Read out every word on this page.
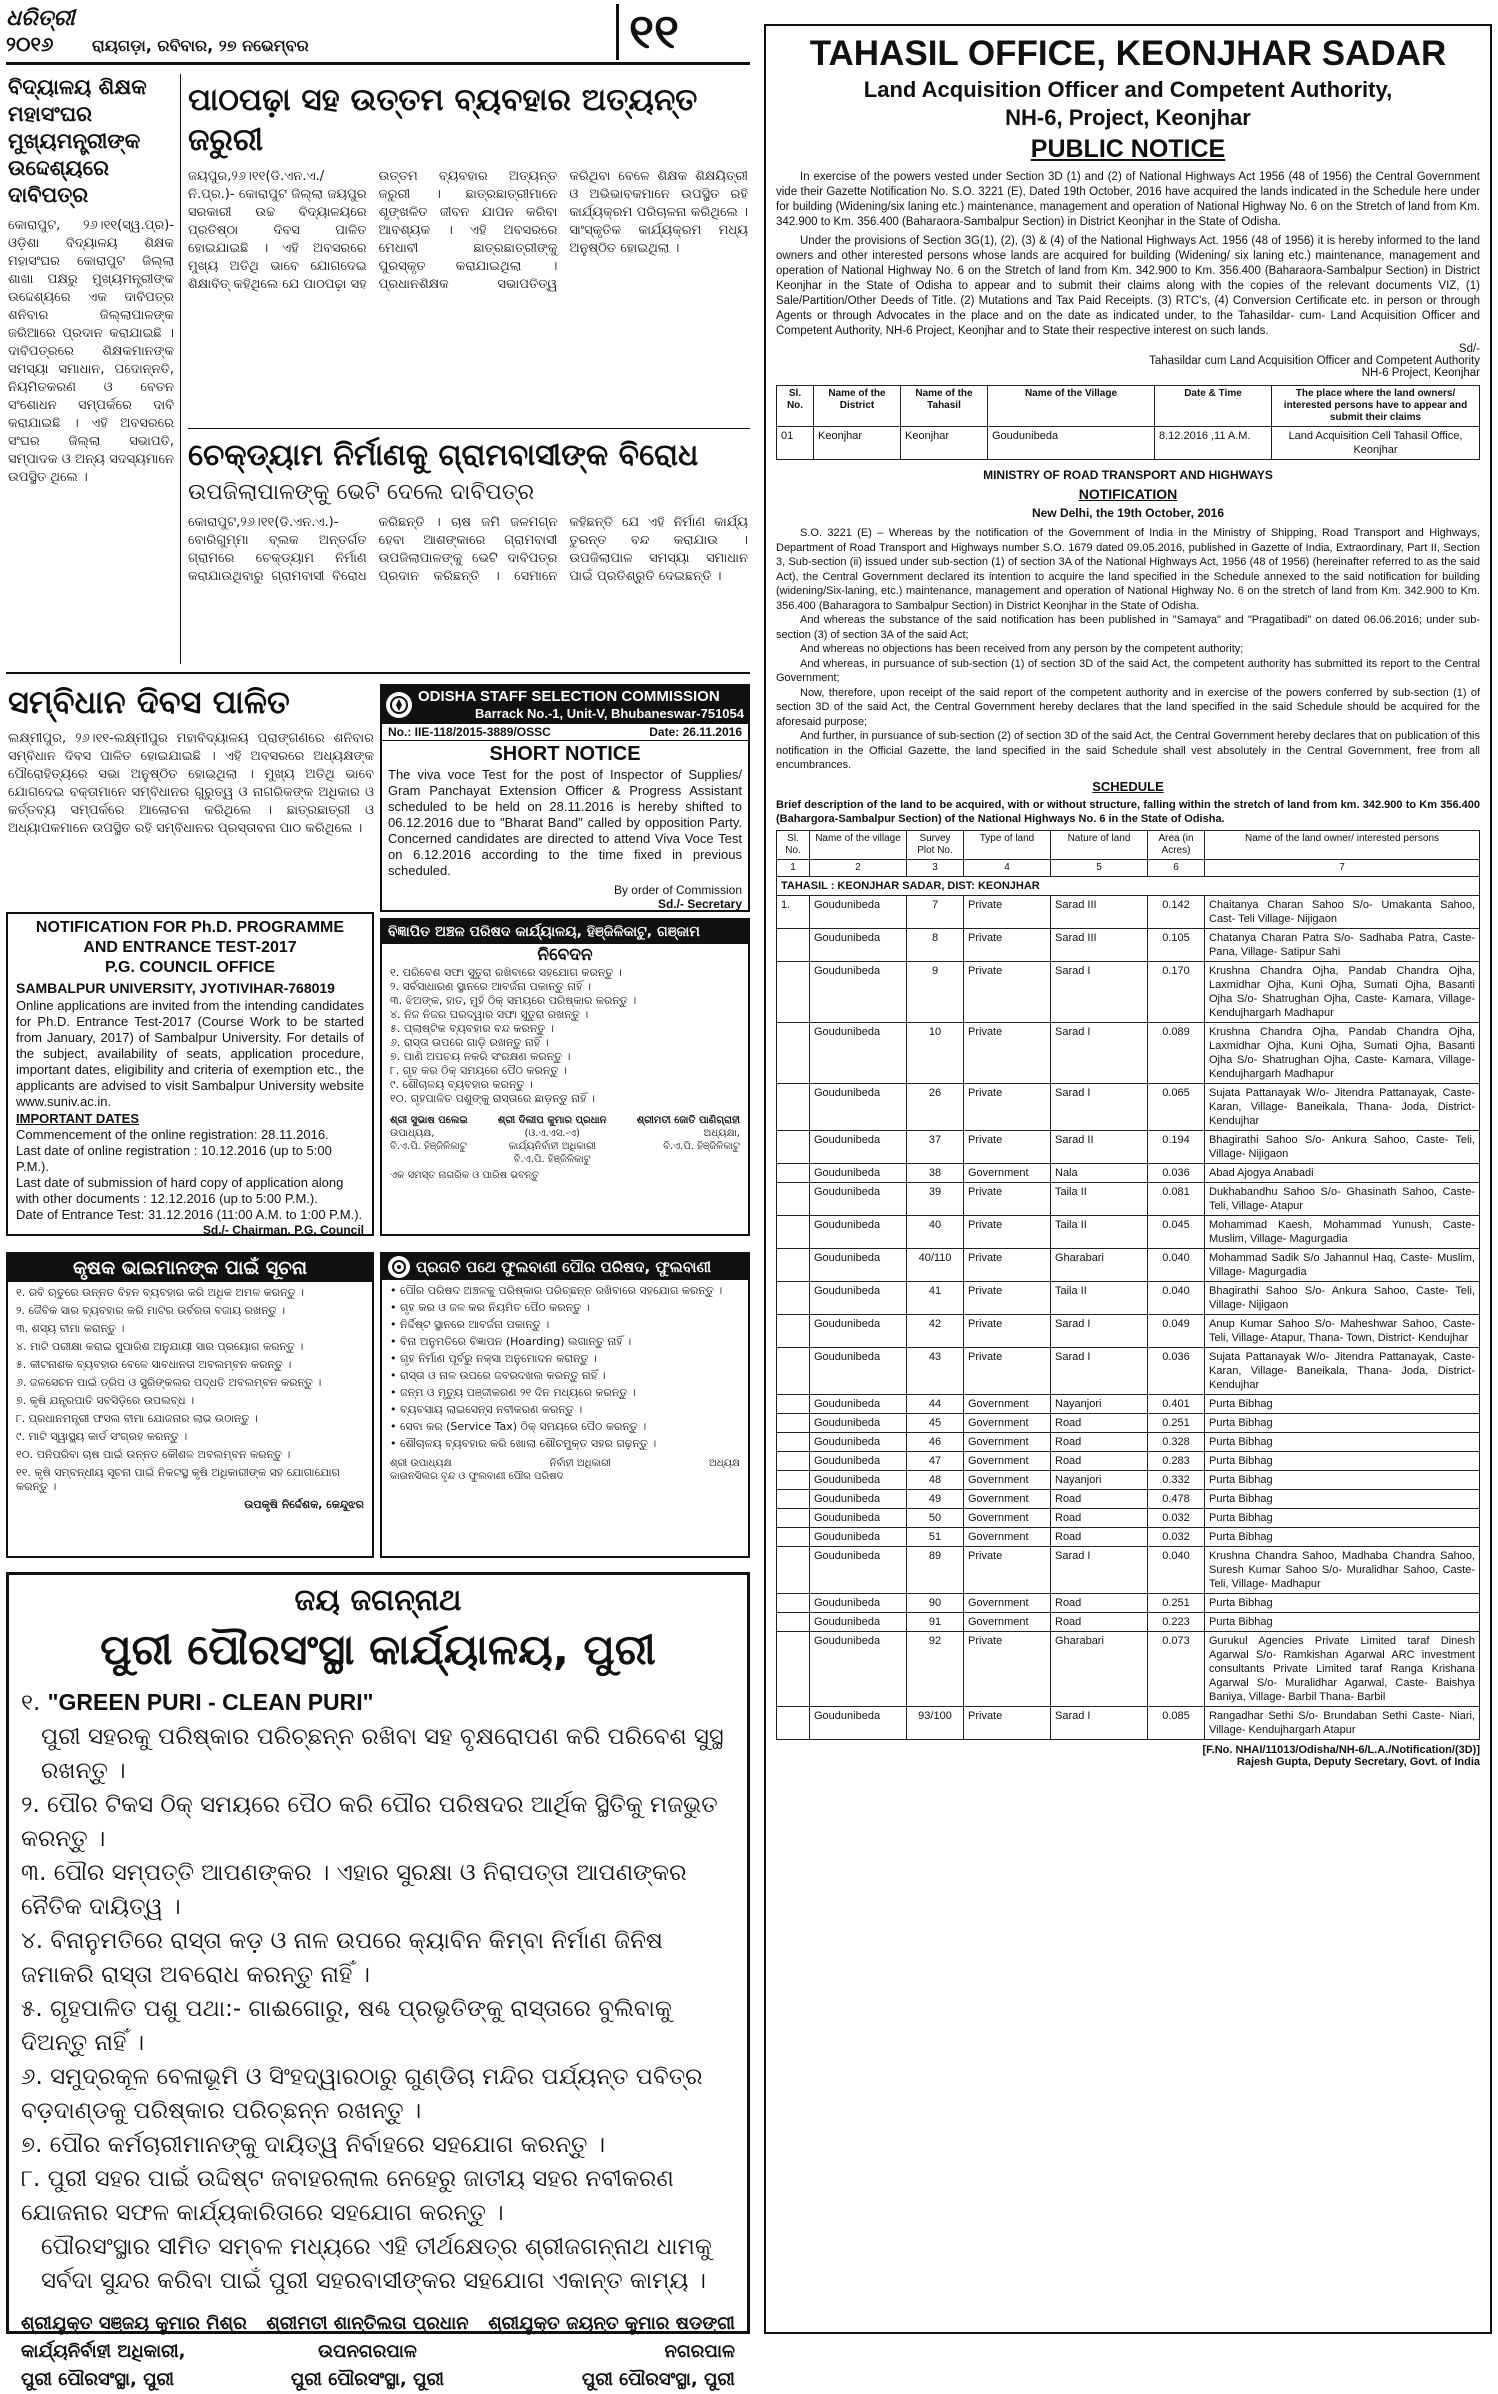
ଧରିତ୍ରୀ
୨୦୧୬	ରାୟଗଡ଼ା, ରବିବାର, ୨୭ ନଭେମ୍ବର	୧୧
ବିଦ୍ୟାଳୟ ଶିକ୍ଷକ ମହାସଂଘର ମୁଖ୍ୟମନ୍ତ୍ରୀଙ୍କ ଉଦ୍ଦେଶ୍ୟରେ ଦାବିପତ୍ର
କୋରାପୁଟ, ୨୬।୧୧(ସ୍ୱ.ପ୍ର)- ଓଡ଼ିଶା ବିଦ୍ୟାଳୟ ଶିକ୍ଷକ ମହାସଂଘର କୋରାପୁଟ ଜିଲ୍ଲା ଶାଖା ପକ୍ଷରୁ ମୁଖ୍ୟମନ୍ତ୍ରୀଙ୍କ ଉଦ୍ଦେଶ୍ୟରେ ଏକ ଦାବିପତ୍ର ଶନିବାର ଜିଲ୍ଲାପାଳଙ୍କ ଜରିଆରେ ପ୍ରଦାନ କରାଯାଇଛି । ଦାବିପତ୍ରରେ ଶିକ୍ଷକମାନଙ୍କ ସମସ୍ୟା ସମାଧାନ, ପଦୋନ୍ନତି, ନିୟମିତକରଣ ଓ ବେତନ ସଂଶୋଧନ ସମ୍ପର୍କରେ ଦାବି କରାଯାଇଛି । ଏହି ଅବସରରେ ସଂଘର ଜିଲ୍ଲା ସଭାପତି, ସମ୍ପାଦକ ଓ ଅନ୍ୟ ସଦସ୍ୟମାନେ ଉପସ୍ଥିତ ଥିଲେ ।
ପାଠପଢ଼ା ସହ ଉତ୍ତମ ବ୍ୟବହାର ଅତ୍ୟନ୍ତ ଜରୁରୀ
ଜୟପୁର,୨୬।୧୧(ଡି.ଏନ.ଏ./ନି.ପ୍ର.)- କୋରାପୁଟ ଜିଲ୍ଲା ଜୟପୁର ସରକାରୀ ଉଚ୍ଚ ବିଦ୍ୟାଳୟରେ ପ୍ରତିଷ୍ଠା ଦିବସ ପାଳିତ ହୋଇଯାଇଛି । ଏହି ଅବସରରେ ମୁଖ୍ୟ ଅତିଥି ଭାବେ ଯୋଗଦେଇ ଶିକ୍ଷାବିତ୍ କହିଥିଲେ ଯେ ପାଠପଢ଼ା ସହ ଉତ୍ତମ ବ୍ୟବହାର ଅତ୍ୟନ୍ତ ଜରୁରୀ । ଛାତ୍ରଛାତ୍ରୀମାନେ ଶୃଙ୍ଖଳିତ ଜୀବନ ଯାପନ କରିବା ଆବଶ୍ୟକ । ଏହି ଅବସରରେ ମେଧାବୀ ଛାତ୍ରଛାତ୍ରୀଙ୍କୁ ପୁରସ୍କୃତ କରାଯାଇଥିଲା । ପ୍ରଧାନଶିକ୍ଷକ ସଭାପତିତ୍ୱ କରିଥିବା ବେଳେ ଶିକ୍ଷକ ଶିକ୍ଷୟିତ୍ରୀ ଓ ଅଭିଭାବକମାନେ ଉପସ୍ଥିତ ରହି କାର୍ଯ୍ୟକ୍ରମ ପରିଚାଳନା କରିଥିଲେ । ସାଂସ୍କୃତିକ କାର୍ଯ୍ୟକ୍ରମ ମଧ୍ୟ ଅନୁଷ୍ଠିତ ହୋଇଥିଲା ।
ଚେକ୍‌ଡ୍ୟାମ ନିର୍ମାଣକୁ ଗ୍ରାମବାସୀଙ୍କ ବିରୋଧ
ଉପଜିଲାପାଳଙ୍କୁ ଭେଟି ଦେଲେ ଦାବିପତ୍ର
କୋରାପୁଟ,୨୬।୧୧(ଡି.ଏନ.ଏ.)- ବୋରିଗୁମ୍ମା ବ୍ଲକ ଅନ୍ତର୍ଗତ ଗ୍ରାମରେ ଚେକ୍‌ଡ୍ୟାମ ନିର୍ମାଣ କରାଯାଉଥିବାରୁ ଗ୍ରାମବାସୀ ବିରୋଧ କରିଛନ୍ତି । ଚାଷ ଜମି ଜଳମଗ୍ନ ହେବା ଆଶଙ୍କାରେ ଗ୍ରାମବାସୀ ଉପଜିଲାପାଳଙ୍କୁ ଭେଟି ଦାବିପତ୍ର ପ୍ରଦାନ କରିଛନ୍ତି । ସେମାନେ କହିଛନ୍ତି ଯେ ଏହି ନିର୍ମାଣ କାର୍ଯ୍ୟ ତୁରନ୍ତ ବନ୍ଦ କରାଯାଉ । ଉପଜିଲାପାଳ ସମସ୍ୟା ସମାଧାନ ପାଇଁ ପ୍ରତିଶ୍ରୁତି ଦେଇଛନ୍ତି ।
ସମ୍ବିଧାନ ଦିବସ ପାଳିତ
ଲକ୍ଷ୍ମୀପୁର, ୨୬।୧୧-ଲକ୍ଷ୍ମୀପୁର ମହାବିଦ୍ୟାଳୟ ପ୍ରାଙ୍ଗଣରେ ଶନିବାର ସମ୍ବିଧାନ ଦିବସ ପାଳିତ ହୋଇଯାଇଛି । ଏହି ଅବସରରେ ଅଧ୍ୟକ୍ଷଙ୍କ ପୌରୋହିତ୍ୟରେ ସଭା ଅନୁଷ୍ଠିତ ହୋଇଥିଲା । ମୁଖ୍ୟ ଅତିଥି ଭାବେ ଯୋଗଦେଇ ବକ୍ତାମାନେ ସମ୍ବିଧାନର ଗୁରୁତ୍ୱ ଓ ନାଗରିକଙ୍କ ଅଧିକାର ଓ କର୍ତ୍ତବ୍ୟ ସମ୍ପର୍କରେ ଆଲୋଚନା କରିଥିଲେ । ଛାତ୍ରଛାତ୍ରୀ ଓ ଅଧ୍ୟାପକମାନେ ଉପସ୍ଥିତ ରହି ସମ୍ବିଧାନର ପ୍ରସ୍ତାବନା ପାଠ କରିଥିଲେ ।
ODISHA STAFF SELECTION COMMISSION
Barrack No.-1, Unit-V, Bhubaneswar-751054
No.: IIE-118/2015-3889/OSSC	Date: 26.11.2016
SHORT NOTICE
The viva voce Test for the post of Inspector of Supplies/ Gram Panchayat Extension Officer & Progress Assistant scheduled to be held on 28.11.2016 is hereby shifted to 06.12.2016 due to "Bharat Band" called by opposition Party. Concerned candidates are directed to attend Viva Voce Test on 6.12.2016 according to the time fixed in previous scheduled.
By order of Commission
Sd./- Secretary
NOTIFICATION FOR Ph.D. PROGRAMME
AND ENTRANCE TEST-2017
P.G. COUNCIL OFFICE
SAMBALPUR UNIVERSITY, JYOTIVIHAR-768019
Online applications are invited from the intending candidates for Ph.D. Entrance Test-2017 (Course Work to be started from January, 2017) of Sambalpur University. For details of the subject, availability of seats, application procedure, important dates, eligibility and criteria of exemption etc., the applicants are advised to visit Sambalpur University website www.suniv.ac.in.
IMPORTANT DATES
Commencement of the online registration: 28.11.2016.
Last date of online registration : 10.12.2016 (up to 5:00 P.M.).
Last date of submission of hard copy of application along with other documents : 12.12.2016 (up to 5:00 P.M.).
Date of Entrance Test: 31.12.2016 (11:00 A.M. to 1:00 P.M.).
Sd./- Chairman, P.G. Council
ବିଜ୍ଞାପିତ ଅଞ୍ଚଳ ପରିଷଦ କାର୍ଯ୍ୟାଳୟ, ହିଞ୍ଜିଳିକାଟୁ, ଗଞ୍ଜାମ
ନିବେଦନ
୧. ପରିବେଶ ସଫା ସୁତୁରା ରଖିବାରେ ସହଯୋଗ କରନ୍ତୁ ।
୨. ସର୍ବସାଧାରଣ ସ୍ଥାନରେ ଆବର୍ଜନା ପକାନ୍ତୁ ନାହିଁ ।
୩. ଝିଅଙ୍କ, ହାତ, ମୁହଁ ଠିକ୍ ସମୟରେ ପରିଷ୍କାର କରନ୍ତୁ ।
୪. ନିଜ ନିଜର ଘରଦ୍ୱାର ସଫା ସୁତୁରା ରଖନ୍ତୁ ।
୫. ପ୍ଲାଷ୍ଟିକ ବ୍ୟବହାର ବନ୍ଦ କରନ୍ତୁ ।
୬. ରାସ୍ତା ଉପରେ ଗାଡ଼ି ରଖନ୍ତୁ ନାହିଁ ।
୭. ପାଣି ଅପଚୟ ନକରି ସଂରକ୍ଷଣ କରନ୍ତୁ ।
୮. ଗୃହ କର ଠିକ୍ ସମୟରେ ପୈଠ କରନ୍ତୁ ।
୯. ଶୌଚାଳୟ ବ୍ୟବହାର କରନ୍ତୁ ।
୧୦. ଗୃହପାଳିତ ପଶୁଙ୍କୁ ରାସ୍ତାରେ ଛାଡ଼ନ୍ତୁ ନାହିଁ ।
ଶ୍ରୀ ସୁଭାଷ ପଲେଇ
ଉପାଧ୍ୟକ୍ଷ,
ବି.ଏ.ପି. ହିଞ୍ଜିଳିକାଟୁ
ଶ୍ରୀ ଦିଲୀପ କୁମାର ପ୍ରଧାନ
(ଓ.ଏ.ଏସ.-ଏ)
କାର୍ଯ୍ୟନିର୍ବାହୀ ଅଧିକାରୀ
ବି.ଏ.ପି. ହିଞ୍ଜିଳିକାଟୁ
ଶ୍ରୀମତୀ ଜୋତି ପାଣିଗ୍ରାହୀ
ଅଧ୍ୟକ୍ଷା,
ବି.ଏ.ପି. ହିଞ୍ଜିଳିକାଟୁ
ଏକ ସମସ୍ତ ନାଗରିକ ଓ ପାରିଷ ଭବନ୍ତୁ
କୃଷକ ଭାଇମାନଙ୍କ ପାଇଁ ସୂଚନା
୧. ରବି ଋତୁରେ ଉନ୍ନତ ବିହନ ବ୍ୟବହାର କରି ଅଧିକ ଅମଳ କରନ୍ତୁ ।
୨. ଜୈବିକ ସାର ବ୍ୟବହାର କରି ମାଟିର ଉର୍ବରତା ବଜାୟ ରଖନ୍ତୁ ।
୩. ଶସ୍ୟ ବୀମା କରାନ୍ତୁ ।
୪. ମାଟି ପରୀକ୍ଷା କରାଇ ସୁପାରିଶ ଅନୁଯାୟୀ ସାର ପ୍ରୟୋଗ କରନ୍ତୁ ।
୫. କୀଟନାଶକ ବ୍ୟବହାର ବେଳେ ସାବଧାନତା ଅବଲମ୍ବନ କରନ୍ତୁ ।
୬. ଜଳସେଚନ ପାଇଁ ଡ୍ରିପ ଓ ସ୍ପ୍ରିଙ୍କଲର ପଦ୍ଧତି ଅବଲମ୍ବନ କରନ୍ତୁ ।
୭. କୃଷି ଯନ୍ତ୍ରପାତି ସବସିଡ଼ିରେ ଉପଲବ୍ଧ ।
୮. ପ୍ରଧାନମନ୍ତ୍ରୀ ଫସଲ ବୀମା ଯୋଜନାର ଲାଭ ଉଠାନ୍ତୁ ।
୯. ମାଟି ସ୍ୱାସ୍ଥ୍ୟ କାର୍ଡ ସଂଗ୍ରହ କରନ୍ତୁ ।
୧୦. ପନିପରିବା ଚାଷ ପାଇଁ ଉନ୍ନତ କୌଶଳ ଅବଲମ୍ବନ କରନ୍ତୁ ।
୧୧. କୃଷି ସମ୍ବନ୍ଧୀୟ ସୂଚନା ପାଇଁ ନିକଟସ୍ଥ କୃଷି ଅଧିକାରୀଙ୍କ ସହ ଯୋଗାଯୋଗ କରନ୍ତୁ ।
ଉପକୃଷି ନିର୍ଦ୍ଦେଶକ, କେନ୍ଦୁଝର
ପ୍ରଗତି ପଥେ ଫୁଲବାଣୀ ପୌର ପରିଷଦ, ଫୁଲବାଣୀ
• ପୌର ପରିଷଦ ଅଞ୍ଚଳକୁ ପରିଷ୍କାର ପରିଚ୍ଛନ୍ନ ରଖିବାରେ ସହଯୋଗ କରନ୍ତୁ ।
• ଗୃହ କର ଓ ଜଳ କର ନିୟମିତ ପୈଠ କରନ୍ତୁ ।
• ନିର୍ଦ୍ଦିଷ୍ଟ ସ୍ଥାନରେ ଆବର୍ଜନା ପକାନ୍ତୁ ।
• ବିନା ଅନୁମତିରେ ବିଜ୍ଞାପନ (Hoarding) ଲଗାନ୍ତୁ ନାହିଁ ।
• ଗୃହ ନିର୍ମାଣ ପୂର୍ବରୁ ନକ୍ସା ଅନୁମୋଦନ କରାନ୍ତୁ ।
• ରାସ୍ତା ଓ ନାଳ ଉପରେ ଜବରଦଖଲ କରନ୍ତୁ ନାହିଁ ।
• ଜନ୍ମ ଓ ମୃତ୍ୟୁ ପଞ୍ଜୀକରଣ ୨୧ ଦିନ ମଧ୍ୟରେ କରନ୍ତୁ ।
• ବ୍ୟବସାୟ ଲାଇସେନ୍ସ ନବୀକରଣ କରନ୍ତୁ ।
• ସେବା କର (Service Tax) ଠିକ୍ ସମୟରେ ପୈଠ କରନ୍ତୁ ।
• ଶୌଚାଳୟ ବ୍ୟବହାର କରି ଖୋଲା ଶୌଚମୁକ୍ତ ସହର ଗଢ଼ନ୍ତୁ ।
ଶ୍ରୀ ଉପାଧ୍ୟକ୍ଷ	ନିର୍ବାହୀ ଅଧିକାରୀ	ଅଧ୍ୟକ୍ଷ
କାଉନସିଲର ବୃନ୍ଦ ଓ ଫୁଲବାଣୀ ପୌର ପରିଷଦ
ଜୟ ଜଗନ୍ନାଥ
ପୁରୀ ପୌରସଂସ୍ଥା କାର୍ଯ୍ୟାଳୟ, ପୁରୀ
୧. "GREEN PURI - CLEAN PURI"
ପୁରୀ ସହରକୁ ପରିଷ୍କାର ପରିଚ୍ଛନ୍ନ ରଖିବା ସହ ବୃକ୍ଷରୋପଣ କରି ପରିବେଶ ସୁସ୍ଥ ରଖନ୍ତୁ ।
୨. ପୌର ଟିକସ ଠିକ୍ ସମୟରେ ପୈଠ କରି ପୌର ପରିଷଦର ଆର୍ଥିକ ସ୍ଥିତିକୁ ମଜଭୁତ କରନ୍ତୁ ।
୩. ପୌର ସମ୍ପତ୍ତି ଆପଣଙ୍କର । ଏହାର ସୁରକ୍ଷା ଓ ନିରାପତ୍ତା ଆପଣଙ୍କର ନୈତିକ ଦାୟିତ୍ୱ ।
୪. ବିନାନୁମତିରେ ରାସ୍ତା କଡ଼ ଓ ନାଳ ଉପରେ କ୍ୟାବିନ କିମ୍ବା ନିର୍ମାଣ ଜିନିଷ ଜମାକରି ରାସ୍ତା ଅବରୋଧ କରନ୍ତୁ ନାହିଁ ।
୫. ଗୃହପାଳିତ ପଶୁ ପଥା:- ଗାଈଗୋରୁ, ଷଣ୍ଢ ପ୍ରଭୃତିଙ୍କୁ ରାସ୍ତାରେ ବୁଲିବାକୁ ଦିଅନ୍ତୁ ନାହିଁ ।
୬. ସମୁଦ୍ରକୂଳ ବେଳାଭୂମି ଓ ସିଂହଦ୍ୱାରଠାରୁ ଗୁଣ୍ଡିଚା ମନ୍ଦିର ପର୍ଯ୍ୟନ୍ତ ପବିତ୍ର ବଡ଼ଦାଣ୍ଡକୁ ପରିଷ୍କାର ପରିଚ୍ଛନ୍ନ ରଖନ୍ତୁ ।
୭. ପୌର କର୍ମଚାରୀମାନଙ୍କୁ ଦାୟିତ୍ୱ ନିର୍ବାହରେ ସହଯୋଗ କରନ୍ତୁ ।
୮. ପୁରୀ ସହର ପାଇଁ ଉଦ୍ଦିଷ୍ଟ ଜବାହରଲାଲ ନେହେରୁ ଜାତୀୟ ସହର ନବୀକରଣ ଯୋଜନାର ସଫଳ କାର୍ଯ୍ୟକାରିତାରେ ସହଯୋଗ କରନ୍ତୁ ।
ପୌରସଂସ୍ଥାର ସୀମିତ ସମ୍ବଳ ମଧ୍ୟରେ ଏହି ତୀର୍ଥକ୍ଷେତ୍ର ଶ୍ରୀଜଗନ୍ନାଥ ଧାମକୁ ସର୍ବଦା ସୁନ୍ଦର କରିବା ପାଇଁ ପୁରୀ ସହରବାସୀଙ୍କର ସହଯୋଗ ଏକାନ୍ତ କାମ୍ୟ ।
ଶ୍ରୀଯୁକ୍ତ ସଞ୍ଜୟ କୁମାର ମିଶ୍ର
କାର୍ଯ୍ୟନିର୍ବାହୀ ଅଧିକାରୀ,
ପୁରୀ ପୌରସଂସ୍ଥା, ପୁରୀ
ଶ୍ରୀମତୀ ଶାନ୍ତିଲତା ପ୍ରଧାନ
ଉପନଗରପାଳ
ପୁରୀ ପୌରସଂସ୍ଥା, ପୁରୀ
ଶ୍ରୀଯୁକ୍ତ ଜୟନ୍ତ କୁମାର ଷଡ଼ଙ୍ଗୀ
ନଗରପାଳ
ପୁରୀ ପୌରସଂସ୍ଥା, ପୁରୀ
TAHASIL OFFICE, KEONJHAR SADAR
Land Acquisition Officer and Competent Authority,
NH-6, Project, Keonjhar
PUBLIC NOTICE
In exercise of the powers vested under Section 3D (1) and (2) of National Highways Act 1956 (48 of 1956) the Central Government vide their Gazette Notification No. S.O. 3221 (E), Dated 19th October, 2016 have acquired the lands indicated in the Schedule here under for building (Widening/six laning etc.) maintenance, management and operation of National Highway No. 6 on the Stretch of land from Km. 342.900 to Km. 356.400 (Baharaora-Sambalpur Section) in District Keonjhar in the State of Odisha.
Under the provisions of Section 3G(1), (2), (3) & (4) of the National Highways Act. 1956 (48 of 1956) it is hereby informed to the land owners and other interested persons whose lands are acquired for building (Widening/ six laning etc.) maintenance, management and operation of National Highway No. 6 on the Stretch of land from Km. 342.900 to Km. 356.400 (Baharaora-Sambalpur Section) in District Keonjhar in the State of Odisha to appear and to submit their claims along with the copies of the relevant documents VIZ, (1) Sale/Partition/Other Deeds of Title. (2) Mutations and Tax Paid Receipts. (3) RTC's, (4) Conversion Certificate etc. in person or through Agents or through Advocates in the place and on the date as indicated under, to the Tahasildar- cum- Land Acquisition Officer and Competent Authority, NH-6 Project, Keonjhar and to State their respective interest on such lands.
Sd/-
Tahasildar cum Land Acquisition Officer and Competent Authority
NH-6 Project, Keonjhar
Sl. No.	Name of the District	Name of the Tahasil	Name of the Village	Date & Time	The place where the land owners/ interested persons have to appear and submit their claims
01	Keonjhar	Keonjhar	Goudunibeda	8.12.2016 ,11 A.M.	Land Acquisition Cell Tahasil Office, Keonjhar
MINISTRY OF ROAD TRANSPORT AND HIGHWAYS
NOTIFICATION
New Delhi, the 19th October, 2016
S.O. 3221 (E) – Whereas by the notification of the Government of India in the Ministry of Shipping, Road Transport and Highways, Department of Road Transport and Highways number S.O. 1679 dated 09.05.2016, published in Gazette of India, Extraordinary, Part II, Section 3, Sub-section (ii) issued under sub-section (1) of section 3A of the National Highways Act, 1956 (48 of 1956) (hereinafter referred to as the said Act), the Central Government declared its intention to acquire the land specified in the Schedule annexed to the said notification for building (widening/Six-laning, etc.) maintenance, management and operation of National Highway No. 6 on the stretch of land from Km. 342.900 to Km. 356.400 (Baharagora to Sambalpur Section) in District Keonjhar in the State of Odisha.
And whereas the substance of the said notification has been published in "Samaya" and "Pragatibadi" on dated 06.06.2016; under sub-section (3) of section 3A of the said Act;
And whereas no objections has been received from any person by the competent authority;
And whereas, in pursuance of sub-section (1) of section 3D of the said Act, the competent authority has submitted its report to the Central Government;
Now, therefore, upon receipt of the said report of the competent authority and in exercise of the powers conferred by sub-section (1) of section 3D of the said Act, the Central Government hereby declares that the land specified in the said Schedule should be acquired for the aforesaid purpose;
And further, in pursuance of sub-section (2) of section 3D of the said Act, the Central Government hereby declares that on publication of this notification in the Official Gazette, the land specified in the said Schedule shall vest absolutely in the Central Government, free from all encumbrances.
SCHEDULE
Brief description of the land to be acquired, with or without structure, falling within the stretch of land from km. 342.900 to Km 356.400 (Bahargora-Sambalpur Section) of the National Highways No. 6 in the State of Odisha.
Sl. No.	Name of the village	Survey Plot No.	Type of land	Nature of land	Area (in Acres)	Name of the land owner/ interested persons
1	2	3	4	5	6	7
TAHASIL : KEONJHAR SADAR, DIST: KEONJHAR						
1.	Goudunibeda	7	Private	Sarad III	0.142	Chaitanya Charan Sahoo S/o- Umakanta Sahoo, Cast- Teli Village- Nijigaon
	Goudunibeda	8	Private	Sarad III	0.105	Chatanya Charan Patra S/o- Sadhaba Patra, Caste- Pana, Village- Satipur Sahi
	Goudunibeda	9	Private	Sarad I	0.170	Krushna Chandra Ojha, Pandab Chandra Ojha, Laxmidhar Ojha, Kuni Ojha, Sumati Ojha, Basanti Ojha S/o- Shatrughan Ojha, Caste- Kamara, Village- Kendujhargarh Madhapur
	Goudunibeda	10	Private	Sarad I	0.089	Krushna Chandra Ojha, Pandab Chandra Ojha, Laxmidhar Ojha, Kuni Ojha, Sumati Ojha, Basanti Ojha S/o- Shatrughan Ojha, Caste- Kamara, Village- Kendujhargarh Madhapur
	Goudunibeda	26	Private	Sarad I	0.065	Sujata Pattanayak W/o- Jitendra Pattanayak, Caste- Karan, Village- Baneikala, Thana- Joda, District- Kendujhar
	Goudunibeda	37	Private	Sarad II	0.194	Bhagirathi Sahoo S/o- Ankura Sahoo, Caste- Teli, Village- Nijigaon
	Goudunibeda	38	Government	Nala	0.036	Abad Ajogya Anabadi
	Goudunibeda	39	Private	Taila II	0.081	Dukhabandhu Sahoo S/o- Ghasinath Sahoo, Caste- Teli, Village- Atapur
	Goudunibeda	40	Private	Taila II	0.045	Mohammad Kaesh, Mohammad Yunush, Caste- Muslim, Village- Magurgadia
	Goudunibeda	40/110	Private	Gharabari	0.040	Mohammad Sadik S/o Jahannul Haq, Caste- Muslim, Village- Magurgadia
	Goudunibeda	41	Private	Taila II	0.040	Bhagirathi Sahoo S/o- Ankura Sahoo, Caste- Teli, Village- Nijigaon
	Goudunibeda	42	Private	Sarad I	0.049	Anup Kumar Sahoo S/o- Maheshwar Sahoo, Caste- Teli, Village- Atapur, Thana- Town, District- Kendujhar
	Goudunibeda	43	Private	Sarad I	0.036	Sujata Pattanayak W/o- Jitendra Pattanayak, Caste- Karan, Village- Baneikala, Thana- Joda, District- Kendujhar
	Goudunibeda	44	Government	Nayanjori	0.401	Purta Bibhag
	Goudunibeda	45	Government	Road	0.251	Purta Bibhag
	Goudunibeda	46	Government	Road	0.328	Purta Bibhag
	Goudunibeda	47	Government	Road	0.283	Purta Bibhag
	Goudunibeda	48	Government	Nayanjori	0.332	Purta Bibhag
	Goudunibeda	49	Government	Road	0.478	Purta Bibhag
	Goudunibeda	50	Government	Road	0.032	Purta Bibhag
	Goudunibeda	51	Government	Road	0.032	Purta Bibhag
	Goudunibeda	89	Private	Sarad I	0.040	Krushna Chandra Sahoo, Madhaba Chandra Sahoo, Suresh Kumar Sahoo S/o- Muralidhar Sahoo, Caste- Teli, Village- Madhapur
	Goudunibeda	90	Government	Road	0.251	Purta Bibhag
	Goudunibeda	91	Government	Road	0.223	Purta Bibhag
	Goudunibeda	92	Private	Gharabari	0.073	Gurukul Agencies Private Limited taraf Dinesh Agarwal S/o- Ramkishan Agarwal ARC investment consultants Private Limited taraf Ranga Krishana Agarwal S/o- Muralidhar Agarwal, Caste- Baishya Baniya, Village- Barbil Thana- Barbil
	Goudunibeda	93/100	Private	Sarad I	0.085	Rangadhar Sethi S/o- Brundaban Sethi Caste- Niari, Village- Kendujhargarh Atapur
[F.No. NHAI/11013/Odisha/NH-6/L.A./Notification/(3D)]
Rajesh Gupta, Deputy Secretary, Govt. of India
